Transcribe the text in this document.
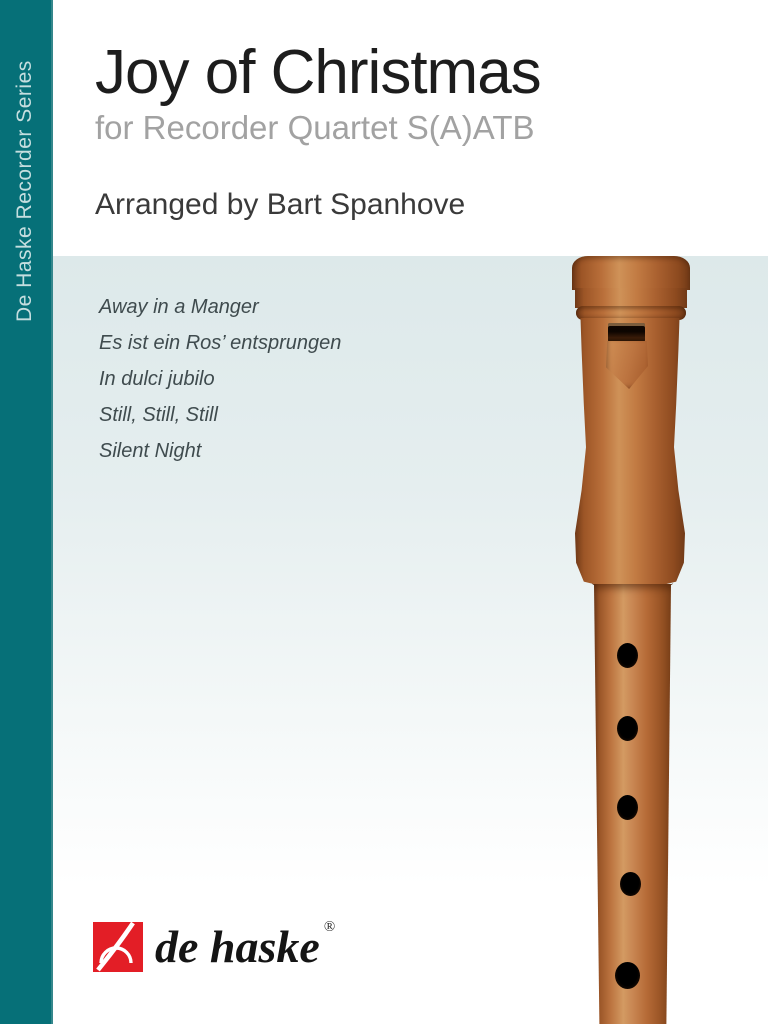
Joy of Christmas
for Recorder Quartet S(A)ATB

Arranged by Bart Spanhove

Away in a Manger
Es ist ein Ros’ entsprungen
In dulci jubilo
Still, Still, Still
Silent Night
De Haske Recorder Series
de haske ®
